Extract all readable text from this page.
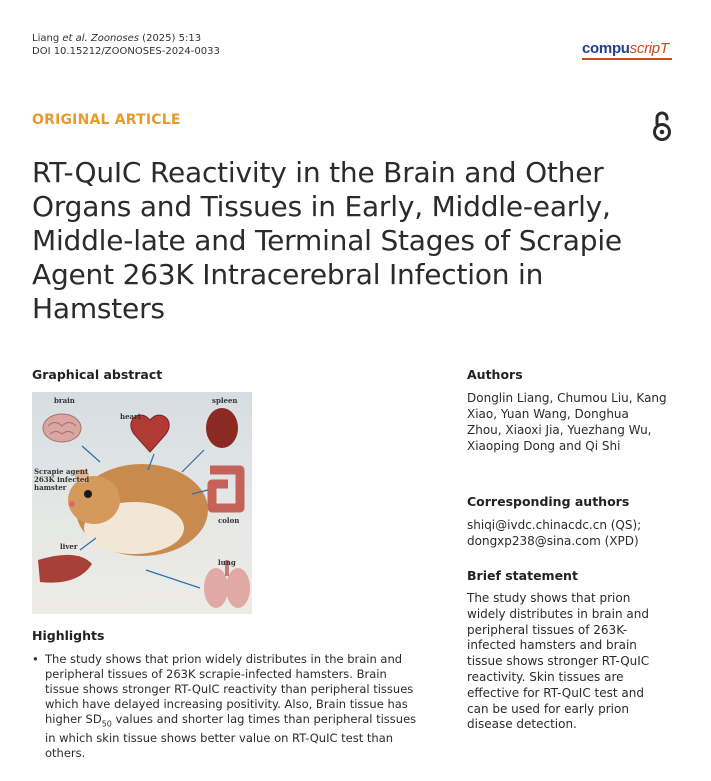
Liang et al. Zoonoses (2025) 5:13
DOI 10.15212/ZOONOSES-2024-0033	compuscripT
ORIGINAL ARTICLE
RT-QuIC Reactivity in the Brain and Other Organs and Tissues in Early, Middle-early, Middle-late and Terminal Stages of Scrapie Agent 263K Intracerebral Infection in Hamsters
Graphical abstract
brain
heart
spleen
Scrapie agent 263K infected hamster
colon
liver
lung
Highlights
• The study shows that prion widely distributes in the brain and peripheral tissues of 263K scrapie-infected hamsters. Brain tissue shows stronger RT-QuIC reactivity than peripheral tissues which have delayed increasing positivity. Also, Brain tissue has higher $SD_{50}$ values and shorter lag times than peripheral tissues in which skin tissue shows better value on RT-QuIC test than others.
Authors
Donglin Liang, Chumou Liu, Kang Xiao, Yuan Wang, Donghua Zhou, Xiaoxi Jia, Yuezhang Wu, Xiaoping Dong and Qi Shi
Corresponding authors
shiqi@ivdc.chinacdc.cn (QS);
dongxp238@sina.com (XPD)
Brief statement
The study shows that prion widely distributes in brain and peripheral tissues of 263K-infected hamsters and brain tissue shows stronger RT-QuIC reactivity. Skin tissues are effective for RT-QuIC test and can be used for early prion disease detection.
